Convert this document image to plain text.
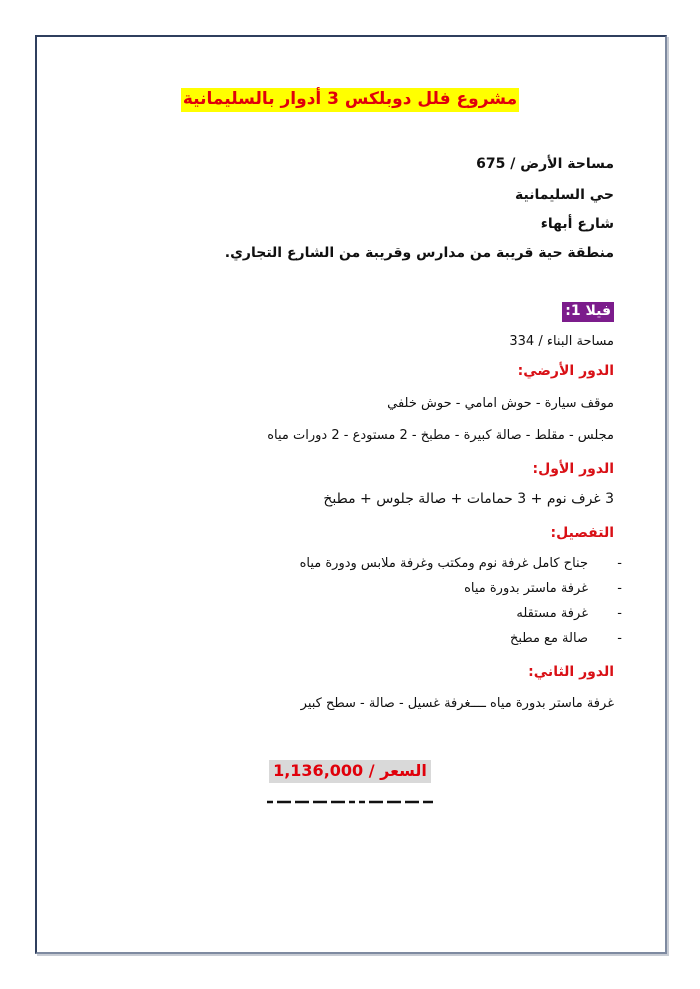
مشروع فلل دوبلكس 3 أدوار بالسليمانية
مساحة الأرض / 675
حي السليمانية
شارع أبهاء
منطقة حية قريبة من مدارس وقريبة من الشارع التجاري.
فيلا 1:
مساحة البناء / 334
الدور الأرضي:
موقف سيارة - حوش امامي - حوش خلفي
مجلس - مقلط - صالة كبيرة - مطبخ - 2 مستودع - 2 دورات مياه
الدور الأول:
3 غرف نوم + 3 حمامات + صالة جلوس + مطبخ
التفصيل:
جناح كامل غرفة نوم ومكتب وغرفة ملابس ودورة مياه -
غرفة ماستر بدورة مياه -
غرفة مستقله -
صالة مع مطبخ -
الدور الثاني:
غرفة ماستر بدورة مياه ــــغرفة غسيل - صالة - سطح كبير
السعر / 1,136,000
